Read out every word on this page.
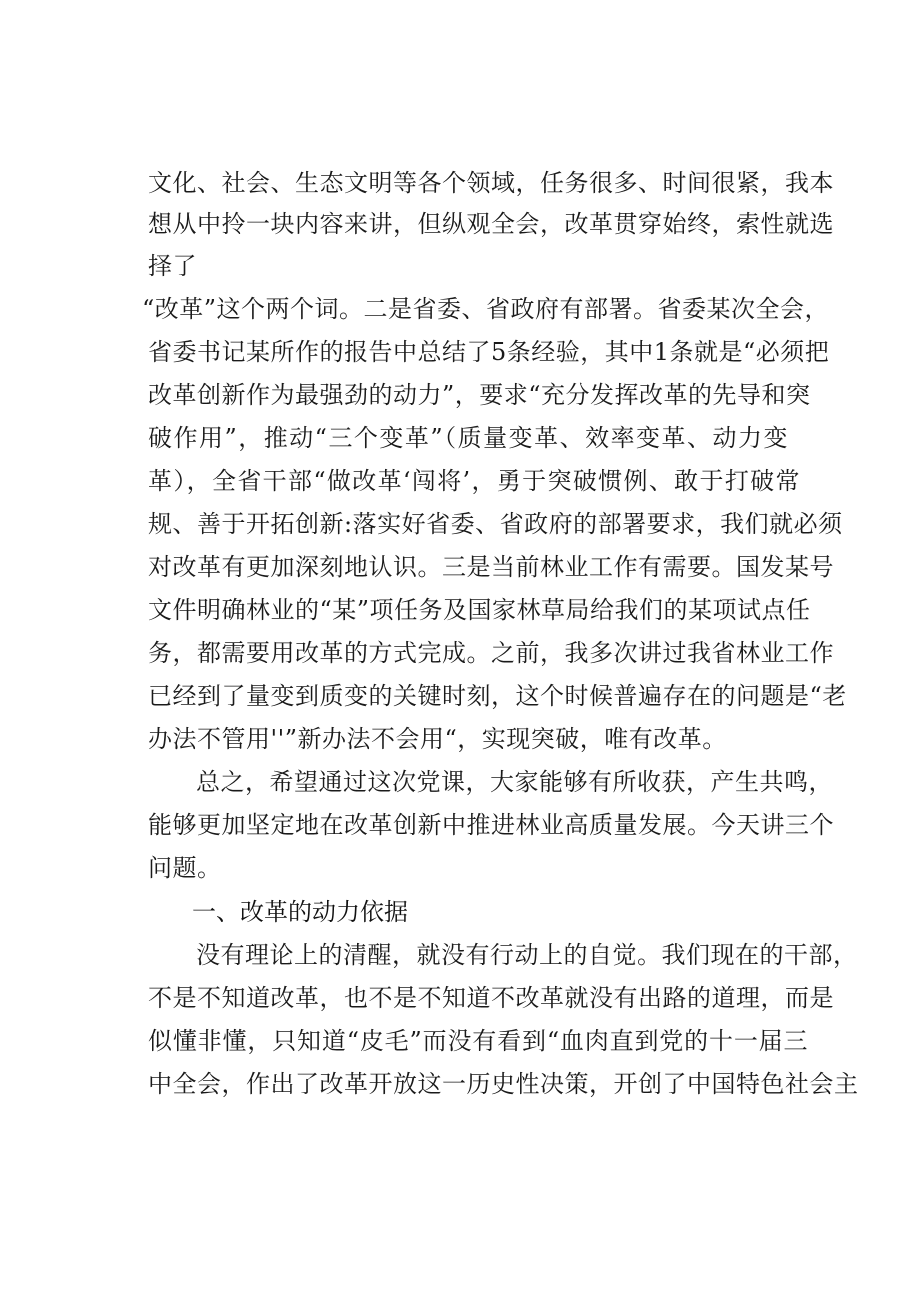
文化、社会、生态文明等各个领域，任务很多、时间很紧，我本
想从中拎一块内容来讲，但纵观全会，改革贯穿始终，索性就选
择了
“改革”这个两个词。二是省委、省政府有部署。省委某次全会，
省委书记某所作的报告中总结了5条经验，其中1条就是“必须把
改革创新作为最强劲的动力”，要求“充分发挥改革的先导和突
破作用”，推动“三个变革”（质量变革、效率变革、动力变
革），全省干部“做改革‘闯将’，勇于突破惯例、敢于打破常
规、善于开拓创新:落实好省委、省政府的部署要求，我们就必须
对改革有更加深刻地认识。三是当前林业工作有需要。国发某号
文件明确林业的“某”项任务及国家林草局给我们的某项试点任
务，都需要用改革的方式完成。之前，我多次讲过我省林业工作
已经到了量变到质变的关键时刻，这个时候普遍存在的问题是“老
办法不管用''”新办法不会用“，实现突破，唯有改革。
总之，希望通过这次党课，大家能够有所收获，产生共鸣，
能够更加坚定地在改革创新中推进林业高质量发展。今天讲三个
问题。
一、改革的动力依据
没有理论上的清醒，就没有行动上的自觉。我们现在的干部，
不是不知道改革，也不是不知道不改革就没有出路的道理，而是
似懂非懂，只知道“皮毛”而没有看到“血肉直到党的十一届三
中全会，作出了改革开放这一历史性决策，开创了中国特色社会主
